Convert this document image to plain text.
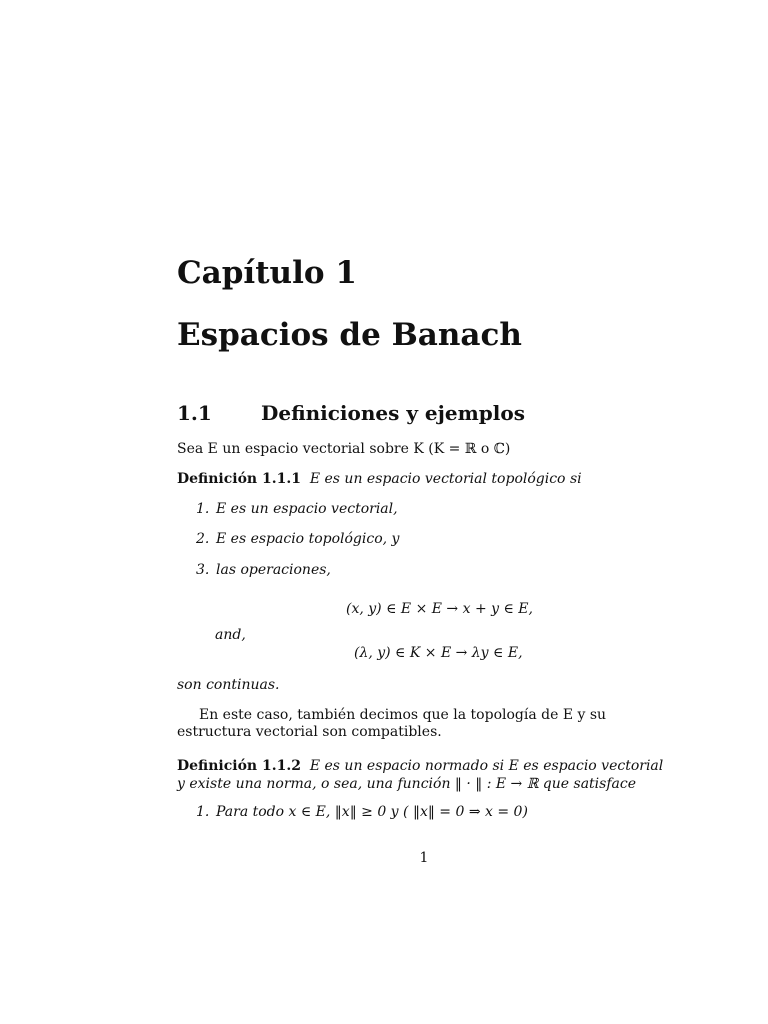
Capítulo 1
Espacios de Banach
1.1 Definiciones y ejemplos
Sea E un espacio vectorial sobre K (K = ℝ o ℂ)
Definición 1.1.1 E es un espacio vectorial topológico si
1. E es un espacio vectorial,
2. E es espacio topológico, y
3. las operaciones,
(x, y) ∈ E × E → x + y ∈ E,
and,
(λ, y) ∈ K × E → λy ∈ E,
son continuas.
En este caso, también decimos que la topología de E y su estructura vectorial son compatibles.
Definición 1.1.2 E es un espacio normado si E es espacio vectorial y existe una norma, o sea, una función ‖ · ‖ : E → ℝ que satisface
1. Para todo x ∈ E, ‖x‖ ≥ 0 y ( ‖x‖ = 0 ⇒ x = 0)
1
